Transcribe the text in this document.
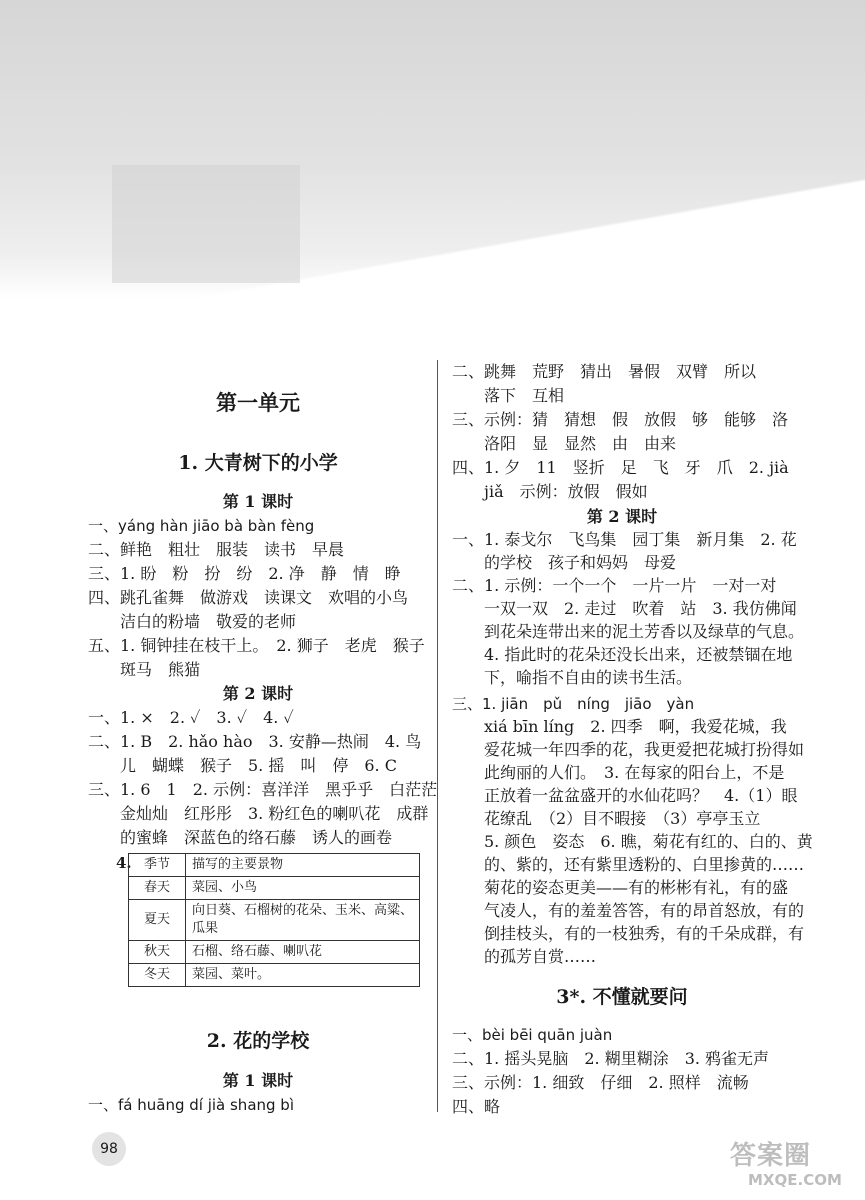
第一单元
1. 大青树下的小学
第 1 课时
一、yáng hàn jiāo bà bàn fèng
二、鲜艳　粗壮　服装　读书　早晨
三、1. 盼　粉　扮　纷　2. 净　静　情　睁
四、跳孔雀舞　做游戏　读课文　欢唱的小鸟
　　洁白的粉墙　敬爱的老师
五、1. 铜钟挂在枝干上。　2. 狮子　老虎　猴子
　　斑马　熊猫
第 2 课时
一、1. ×　2. ✓　3. ✓　4. ✓
二、1. B　2. hǎo hào　3. 安静—热闹　4. 鸟
　　儿　蝴蝶　猴子　5. 摇　叫　停　6. C
三、1. 6　1　2. 示例：喜洋洋　黑乎乎　白茫茫
　　金灿灿　红彤彤　3. 粉红色的喇叭花　成群
　　的蜜蜂　深蓝色的络石藤　诱人的画卷
4. 季节	描写的主要景物
春天	菜园、小鸟
夏天	向日葵、石榴树的花朵、玉米、高粱、瓜果
秋天	石榴、络石藤、喇叭花
冬天	菜园、菜叶。
2. 花的学校
第 1 课时
一、fá huāng dí jià shang bì
二、跳舞　荒野　猜出　暑假　双臂　所以
　　落下　互相
三、示例：猜　猜想　假　放假　够　能够　洛
　　洛阳　显　显然　由　由来
四、1. 夕　11　竖折　足　飞　牙　爪　2. jià
　　jiǎ　示例：放假　假如
第 2 课时
一、1. 泰戈尔　飞鸟集　园丁集　新月集　2. 花
　　的学校　孩子和妈妈　母爱
二、1. 示例：一个一个　一片一片　一对一对
　　一双一双　2. 走过　吹着　站　3. 我仿佛闻
　　到花朵连带出来的泥土芳香以及绿草的气息。
　　4. 指此时的花朵还没长出来，还被禁锢在地
　　下，喻指不自由的读书生活。
三、1. jiān　pǔ　níng　jiāo　yàn
　　xiá bīn líng　2. 四季　啊，我爱花城，我
　　爱花城一年四季的花，我更爱把花城打扮得如
　　此绚丽的人们。　3. 在每家的阳台上，不是
　　正放着一盆盆盛开的水仙花吗？　4.（1）眼
　　花缭乱　（2）目不暇接　（3）亭亭玉立
　　5. 颜色　姿态　6. 瞧，菊花有红的、白的、黄
　　的、紫的，还有紫里透粉的、白里掺黄的……
　　菊花的姿态更美——有的彬彬有礼，有的盛
　　气凌人，有的羞羞答答，有的昂首怒放，有的
　　倒挂枝头，有的一枝独秀，有的千朵成群，有
　　的孤芳自赏……
3*. 不懂就要问
一、bèi bēi quān juàn
二、1. 摇头晃脑　2. 糊里糊涂　3. 鸦雀无声
三、示例：1. 细致　仔细　2. 照样　流畅
四、略
98	答案圈
MXQE.COM
